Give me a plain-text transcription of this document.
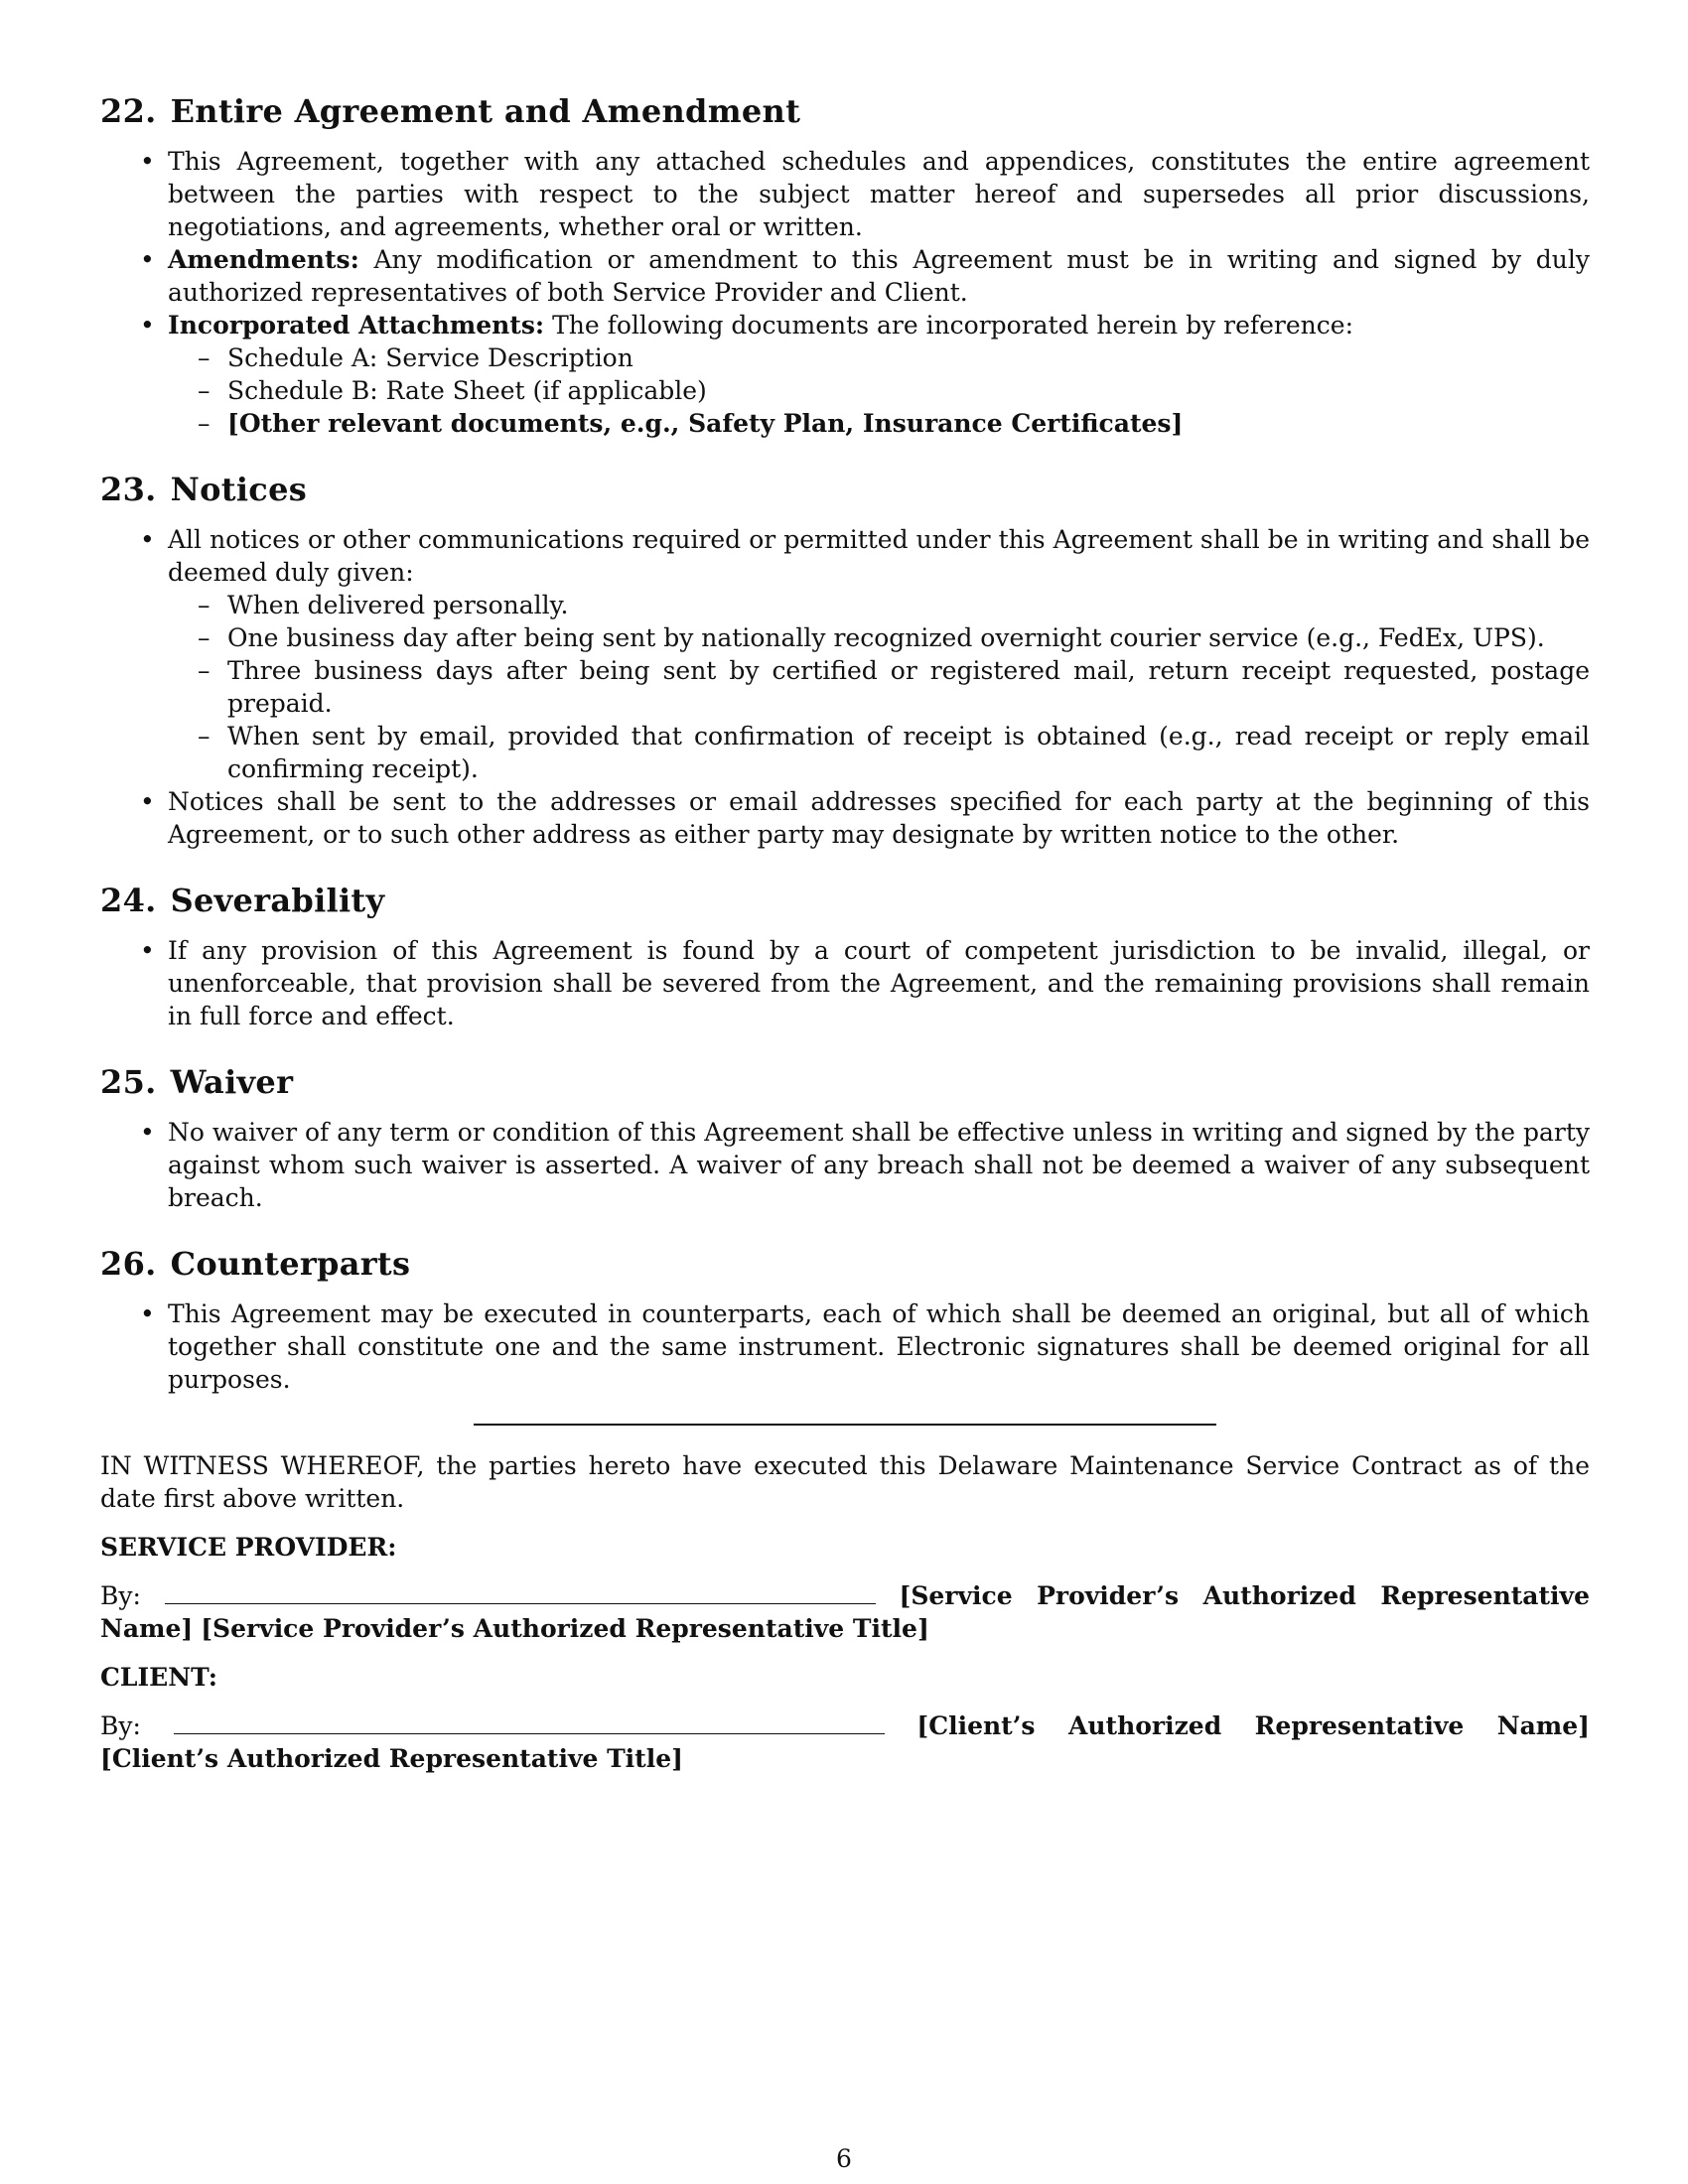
22. Entire Agreement and Amendment
• This Agreement, together with any attached schedules and appendices, constitutes the entire agreement between the parties with respect to the subject matter hereof and supersedes all prior discussions, negotiations, and agreements, whether oral or written.
• Amendments: Any modification or amendment to this Agreement must be in writing and signed by duly authorized representatives of both Service Provider and Client.
• Incorporated Attachments: The following documents are incorporated herein by reference:
– Schedule A: Service Description
– Schedule B: Rate Sheet (if applicable)
– [Other relevant documents, e.g., Safety Plan, Insurance Certificates]
23. Notices
• All notices or other communications required or permitted under this Agreement shall be in writing and shall be deemed duly given:
– When delivered personally.
– One business day after being sent by nationally recognized overnight courier service (e.g., FedEx, UPS).
– Three business days after being sent by certified or registered mail, return receipt requested, postage prepaid.
– When sent by email, provided that confirmation of receipt is obtained (e.g., read receipt or reply email confirming receipt).
• Notices shall be sent to the addresses or email addresses specified for each party at the beginning of this Agreement, or to such other address as either party may designate by written notice to the other.
24. Severability
• If any provision of this Agreement is found by a court of competent jurisdiction to be invalid, illegal, or unenforceable, that provision shall be severed from the Agreement, and the remaining provisions shall remain in full force and effect.
25. Waiver
• No waiver of any term or condition of this Agreement shall be effective unless in writing and signed by the party against whom such waiver is asserted. A waiver of any breach shall not be deemed a waiver of any subsequent breach.
26. Counterparts
• This Agreement may be executed in counterparts, each of which shall be deemed an original, but all of which together shall constitute one and the same instrument. Electronic signatures shall be deemed original for all purposes.

IN WITNESS WHEREOF, the parties hereto have executed this Delaware Maintenance Service Contract as of the date first above written.

SERVICE PROVIDER:

By:	[Service Provider’s Authorized Representative Name] [Service Provider’s Authorized Representative Title]

CLIENT:

By:	[Client’s Authorized Representative Name] [Client’s Authorized Representative Title]

6
